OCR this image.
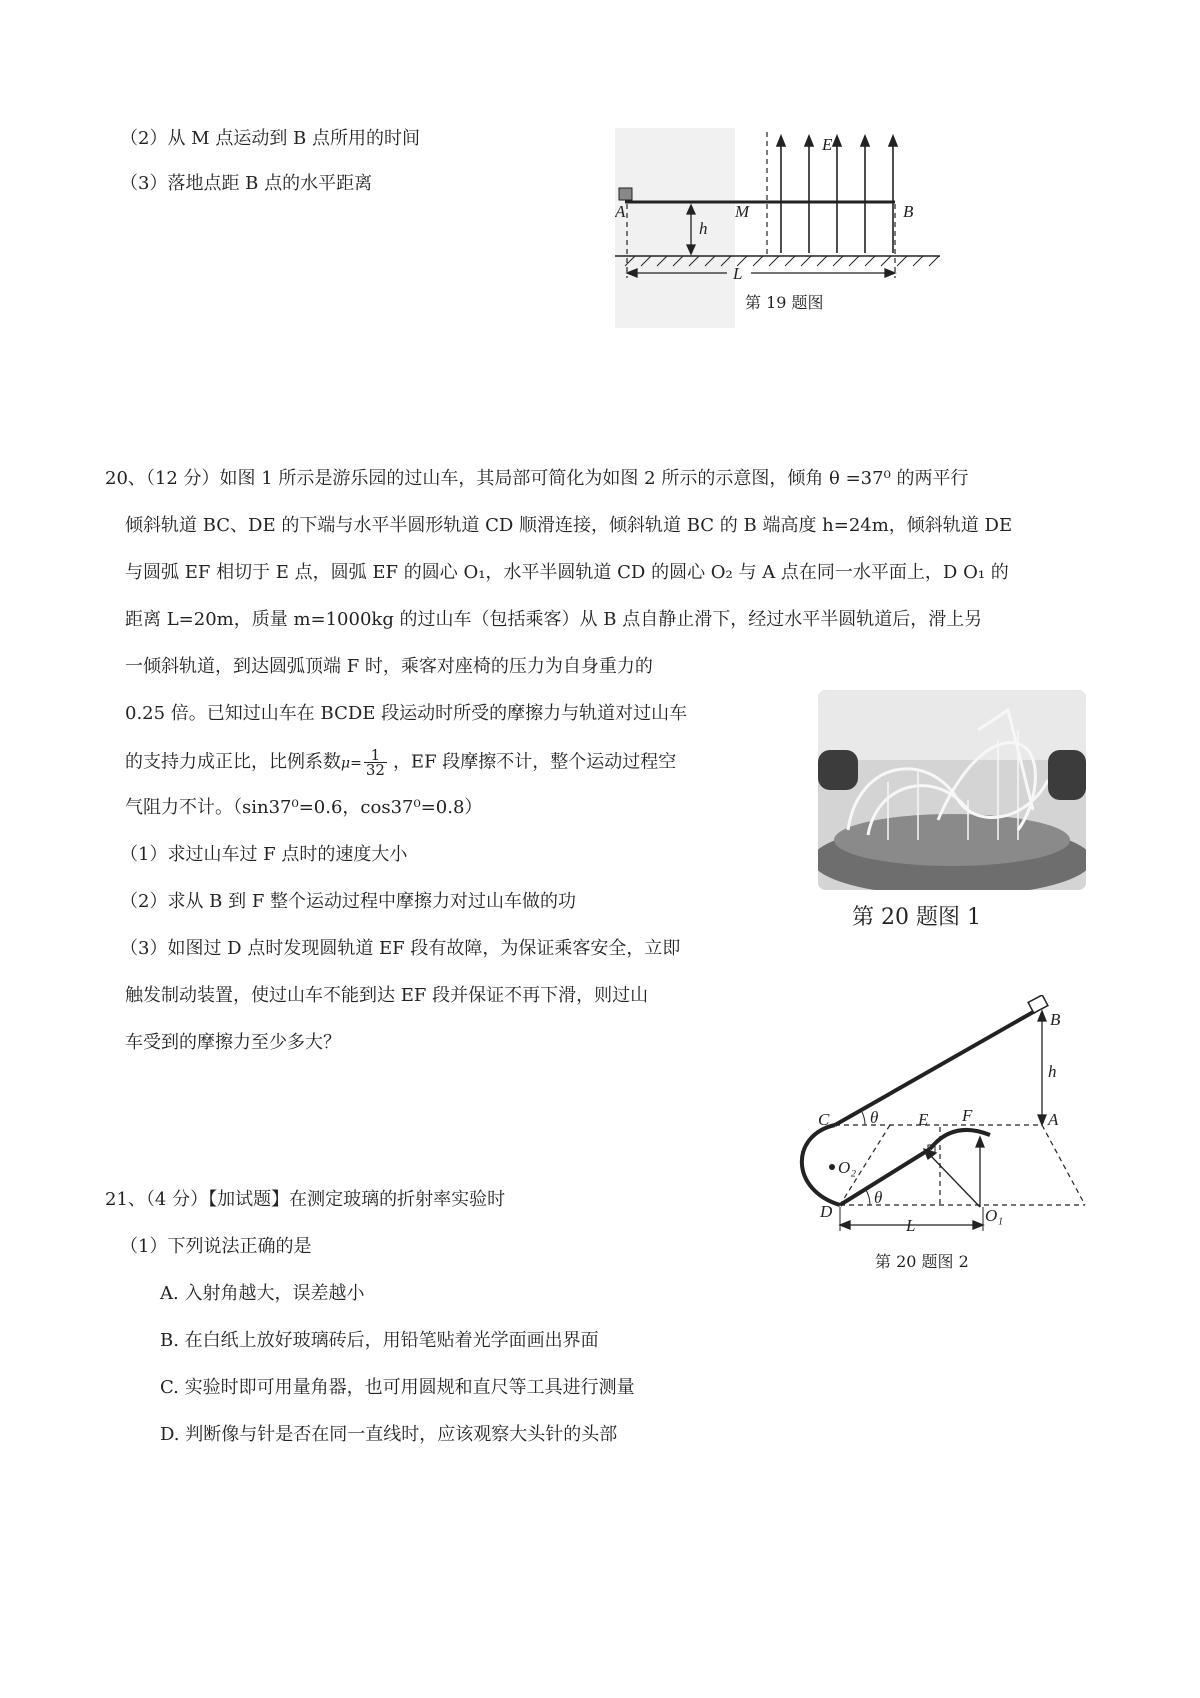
（2）从 M 点运动到 B 点所用的时间
（3）落地点距 B 点的水平距离
A	M	B
E
h
L
第 19 题图
20、（12 分）如图 1 所示是游乐园的过山车，其局部可简化为如图 2 所示的示意图，倾角 θ =37⁰ 的两平行
倾斜轨道 BC、DE 的下端与水平半圆形轨道 CD 顺滑连接，倾斜轨道 BC 的 B 端高度 h=24m，倾斜轨道 DE
与圆弧 EF 相切于 E 点，圆弧 EF 的圆心 O₁，水平半圆轨道 CD 的圆心 O₂ 与 A 点在同一水平面上，D O₁ 的
距离 L=20m，质量 m=1000kg 的过山车（包括乘客）从 B 点自静止滑下，经过水平半圆轨道后，滑上另
一倾斜轨道，到达圆弧顶端 F 时，乘客对座椅的压力为自身重力的
0.25 倍。已知过山车在 BCDE 段运动时所受的摩擦力与轨道对过山车
的支持力成正比，比例系数$\mu= \frac{1}{32}$ ，EF 段摩擦不计，整个运动过程空
气阻力不计。（sin37⁰=0.6，cos37⁰=0.8）
（1）求过山车过 F 点时的速度大小
（2）求从 B 到 F 整个运动过程中摩擦力对过山车做的功
（3）如图过 D 点时发现圆轨道 EF 段有故障，为保证乘客安全，立即
触发制动装置，使过山车不能到达 EF 段并保证不再下滑，则过山
车受到的摩擦力至少多大？
第 20 题图 1
B
h
A
E F
C θ
O₂
D
θ
L
O₁
第 20 题图 2
21、（4 分）【加试题】在测定玻璃的折射率实验时
（1）下列说法正确的是
A. 入射角越大，误差越小
B. 在白纸上放好玻璃砖后，用铅笔贴着光学面画出界面
C. 实验时即可用量角器，也可用圆规和直尺等工具进行测量
D. 判断像与针是否在同一直线时，应该观察大头针的头部
